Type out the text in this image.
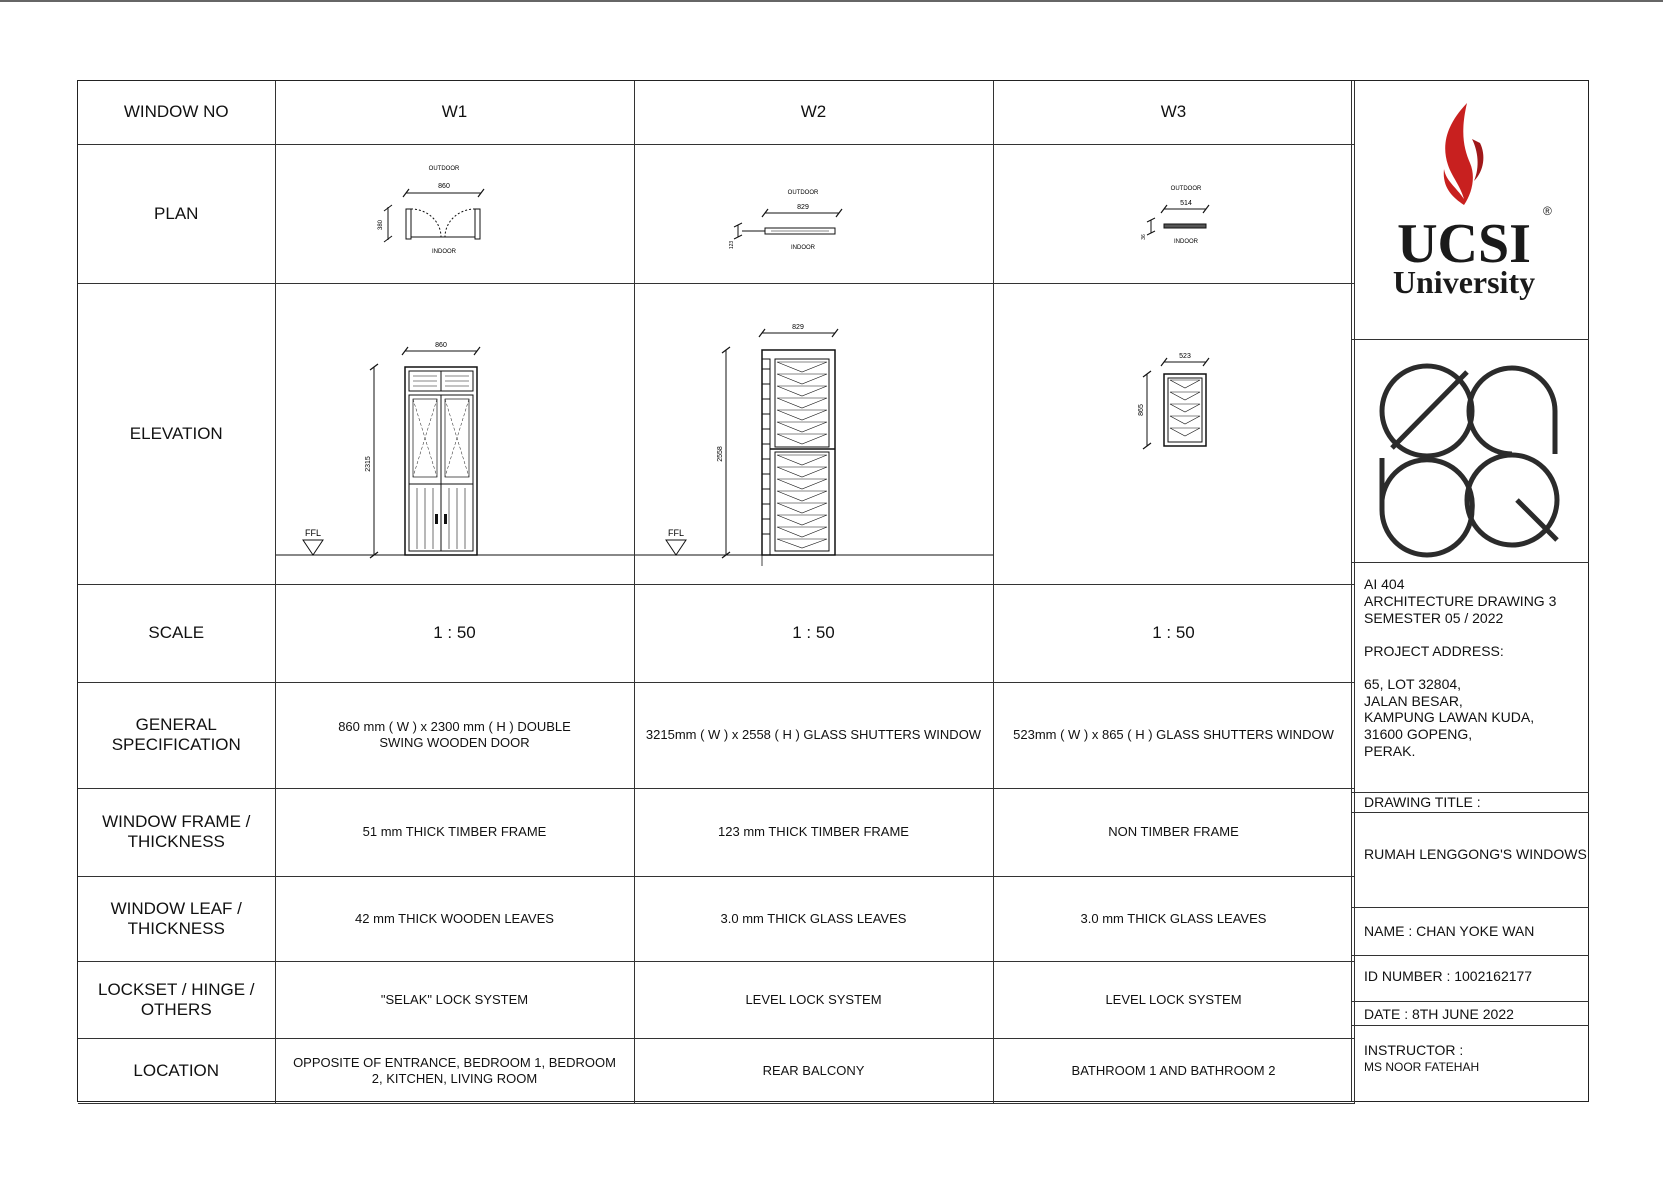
WINDOW NO	W1	W2	W3
PLAN	OUTDOOR
860
380
INDOOR	OUTDOOR
829
123 INDOOR	OUTDOOR
514
36
INDOOR

ELEVATION	FFL
860
2315	FFL
829
2558	523
865

SCALE	1 : 50	1 : 50	1 : 50
GENERAL
SPECIFICATION	860 mm ( W ) x 2300 mm ( H ) DOUBLE SWING WOODEN DOOR	3215mm ( W ) x 2558 ( H ) GLASS SHUTTERS WINDOW	523mm ( W ) x 865 ( H ) GLASS SHUTTERS WINDOW
WINDOW FRAME /
THICKNESS	51 mm THICK TIMBER FRAME	123 mm THICK TIMBER FRAME	NON TIMBER FRAME
WINDOW LEAF /
THICKNESS	42 mm THICK WOODEN LEAVES	3.0 mm THICK GLASS LEAVES	3.0 mm THICK GLASS LEAVES
LOCKSET / HINGE /
OTHERS	"SELAK" LOCK SYSTEM	LEVEL LOCK SYSTEM	LEVEL LOCK SYSTEM
LOCATION	OPPOSITE OF ENTRANCE, BEDROOM 1, BEDROOM 2, KITCHEN, LIVING ROOM	REAR BALCONY	BATHROOM 1 AND BATHROOM 2
UCSI
University
®
AI 404
ARCHITECTURE DRAWING 3
SEMESTER 05 / 2022
PROJECT ADDRESS:
65, LOT 32804,
JALAN BESAR,
KAMPUNG LAWAN KUDA,
31600 GOPENG,
PERAK.
DRAWING TITLE :
RUMAH LENGGONG'S WINDOWS
NAME : CHAN YOKE WAN
ID NUMBER : 1002162177
DATE : 8TH JUNE 2022
INSTRUCTOR :
MS NOOR FATEHAH
